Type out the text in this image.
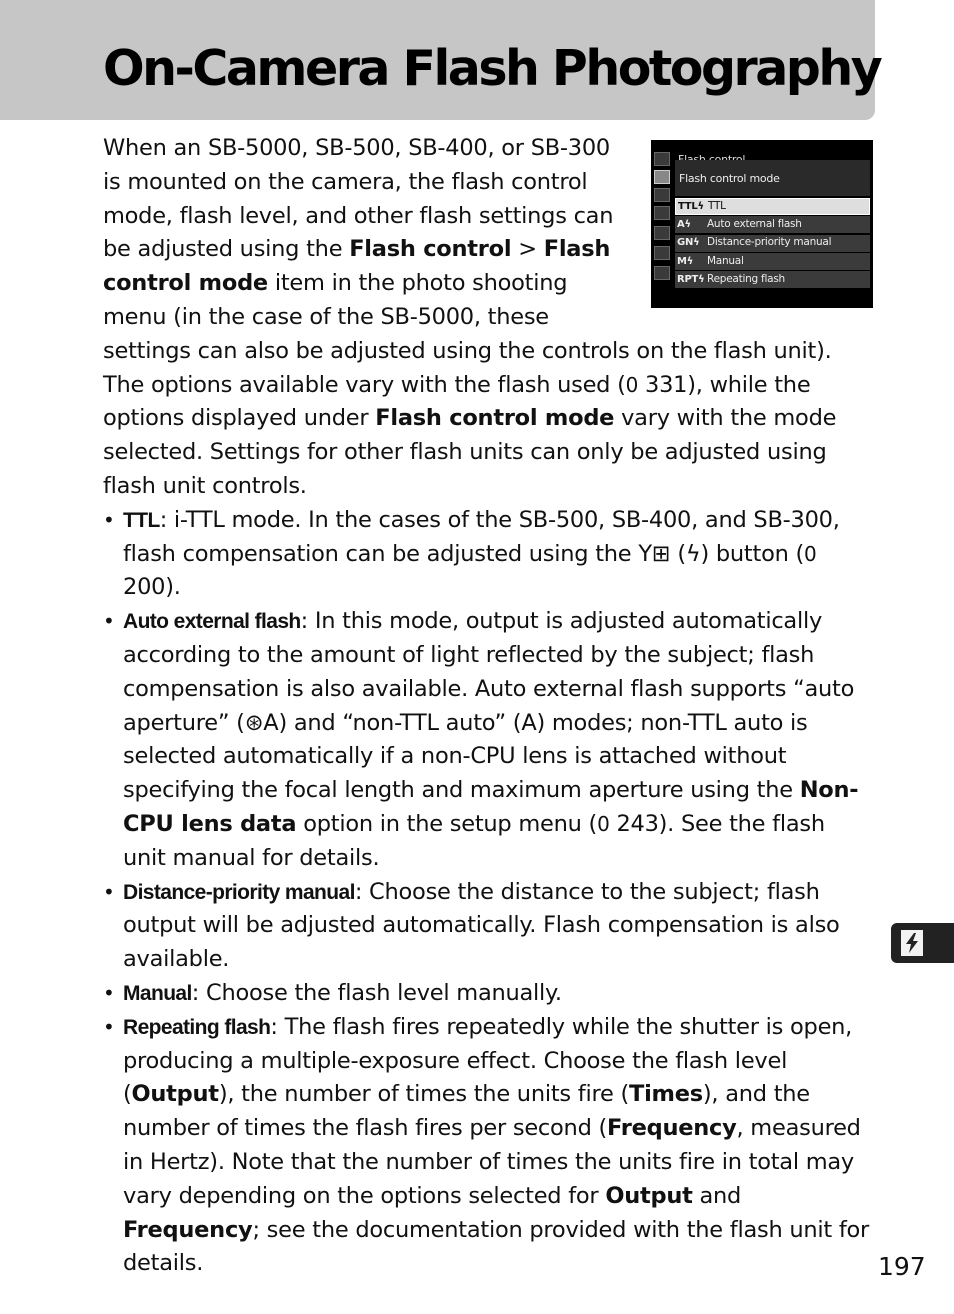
On-Camera Flash Photography
Flash control mode
TTLϟ TTL
Aϟ	Auto external flash
GNϟ Distance-priority manual
Mϟ	Manual
RPTϟ Repeating flash

When an SB-5000, SB-500, SB-400, or SB-300 is mounted on the camera, the flash control mode, flash level, and other flash settings can be adjusted using the Flash control > Flash control mode item in the photo shooting menu (in the case of the SB-5000, these settings can also be adjusted using the controls on the flash unit). The options available vary with the flash used (0 331), while the options displayed under Flash control mode vary with the mode selected. Settings for other flash units can only be adjusted using flash unit controls.

• TTL: i-TTL mode. In the cases of the SB-500, SB-400, and SB-300, flash compensation can be adjusted using the Y⊞ (ϟ) button (0 200).
• Auto external flash: In this mode, output is adjusted automatically according to the amount of light reflected by the subject; flash compensation is also available. Auto external flash supports “auto aperture” (⊛A) and “non-TTL auto” (A) modes; non-TTL auto is selected automatically if a non-CPU lens is attached without specifying the focal length and maximum aperture using the Non-CPU lens data option in the setup menu (0 243). See the flash unit manual for details.
• Distance-priority manual: Choose the distance to the subject; flash output will be adjusted automatically. Flash compensation is also available.
• Manual: Choose the flash level manually.
• Repeating flash: The flash fires repeatedly while the shutter is open, producing a multiple-exposure effect. Choose the flash level (Output), the number of times the units fire (Times), and the number of times the flash fires per second (Frequency, measured in Hertz). Note that the number of times the units fire in total may vary depending on the options selected for Output and Frequency; see the documentation provided with the flash unit for details.	197
